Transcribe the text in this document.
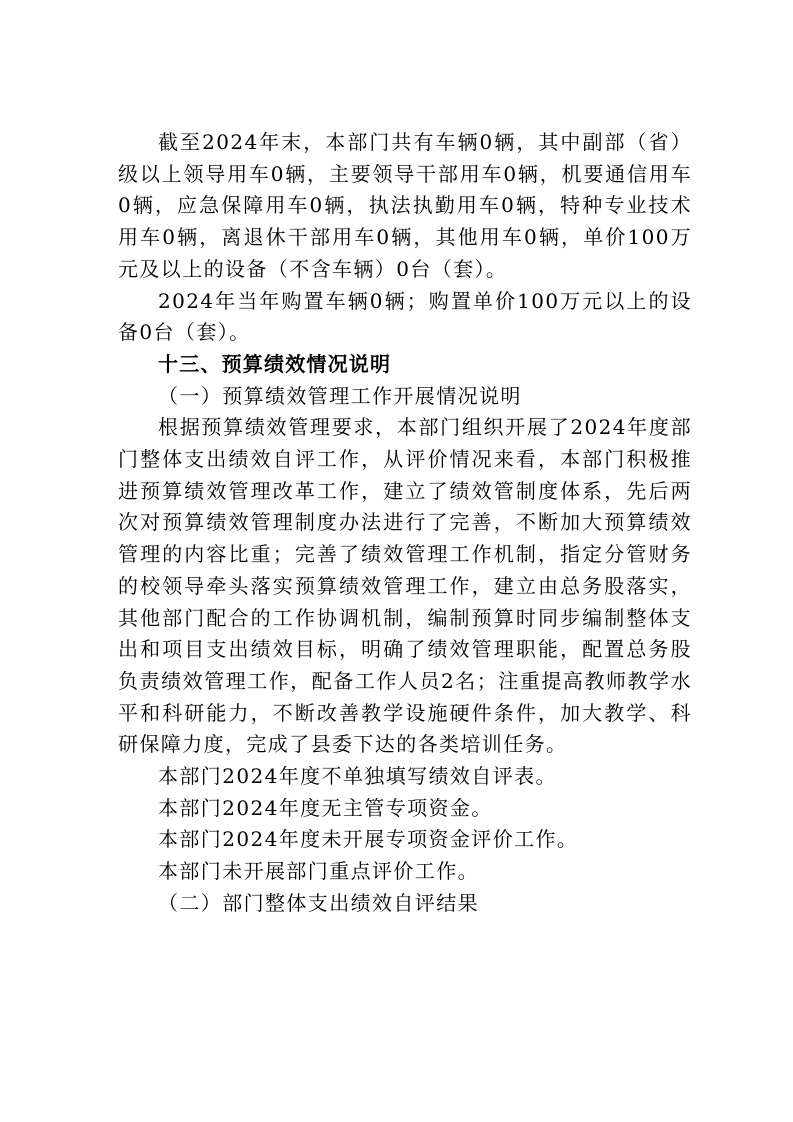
截至2024年末，本部门共有车辆0辆，其中副部（省）级以上领导用车0辆，主要领导干部用车0辆，机要通信用车0辆，应急保障用车0辆，执法执勤用车0辆，特种专业技术用车0辆，离退休干部用车0辆，其他用车0辆，单价100万元及以上的设备（不含车辆）0台（套）。

2024年当年购置车辆0辆；购置单价100万元以上的设备0台（套）。

十三、预算绩效情况说明

（一）预算绩效管理工作开展情况说明

根据预算绩效管理要求，本部门组织开展了2024年度部门整体支出绩效自评工作，从评价情况来看，本部门积极推进预算绩效管理改革工作，建立了绩效管制度体系，先后两次对预算绩效管理制度办法进行了完善，不断加大预算绩效管理的内容比重；完善了绩效管理工作机制，指定分管财务的校领导牵头落实预算绩效管理工作，建立由总务股落实，其他部门配合的工作协调机制，编制预算时同步编制整体支出和项目支出绩效目标，明确了绩效管理职能，配置总务股负责绩效管理工作，配备工作人员2名；注重提高教师教学水平和科研能力，不断改善教学设施硬件条件，加大教学、科研保障力度，完成了县委下达的各类培训任务。

本部门2024年度不单独填写绩效自评表。

本部门2024年度无主管专项资金。

本部门2024年度未开展专项资金评价工作。

本部门未开展部门重点评价工作。

（二）部门整体支出绩效自评结果
